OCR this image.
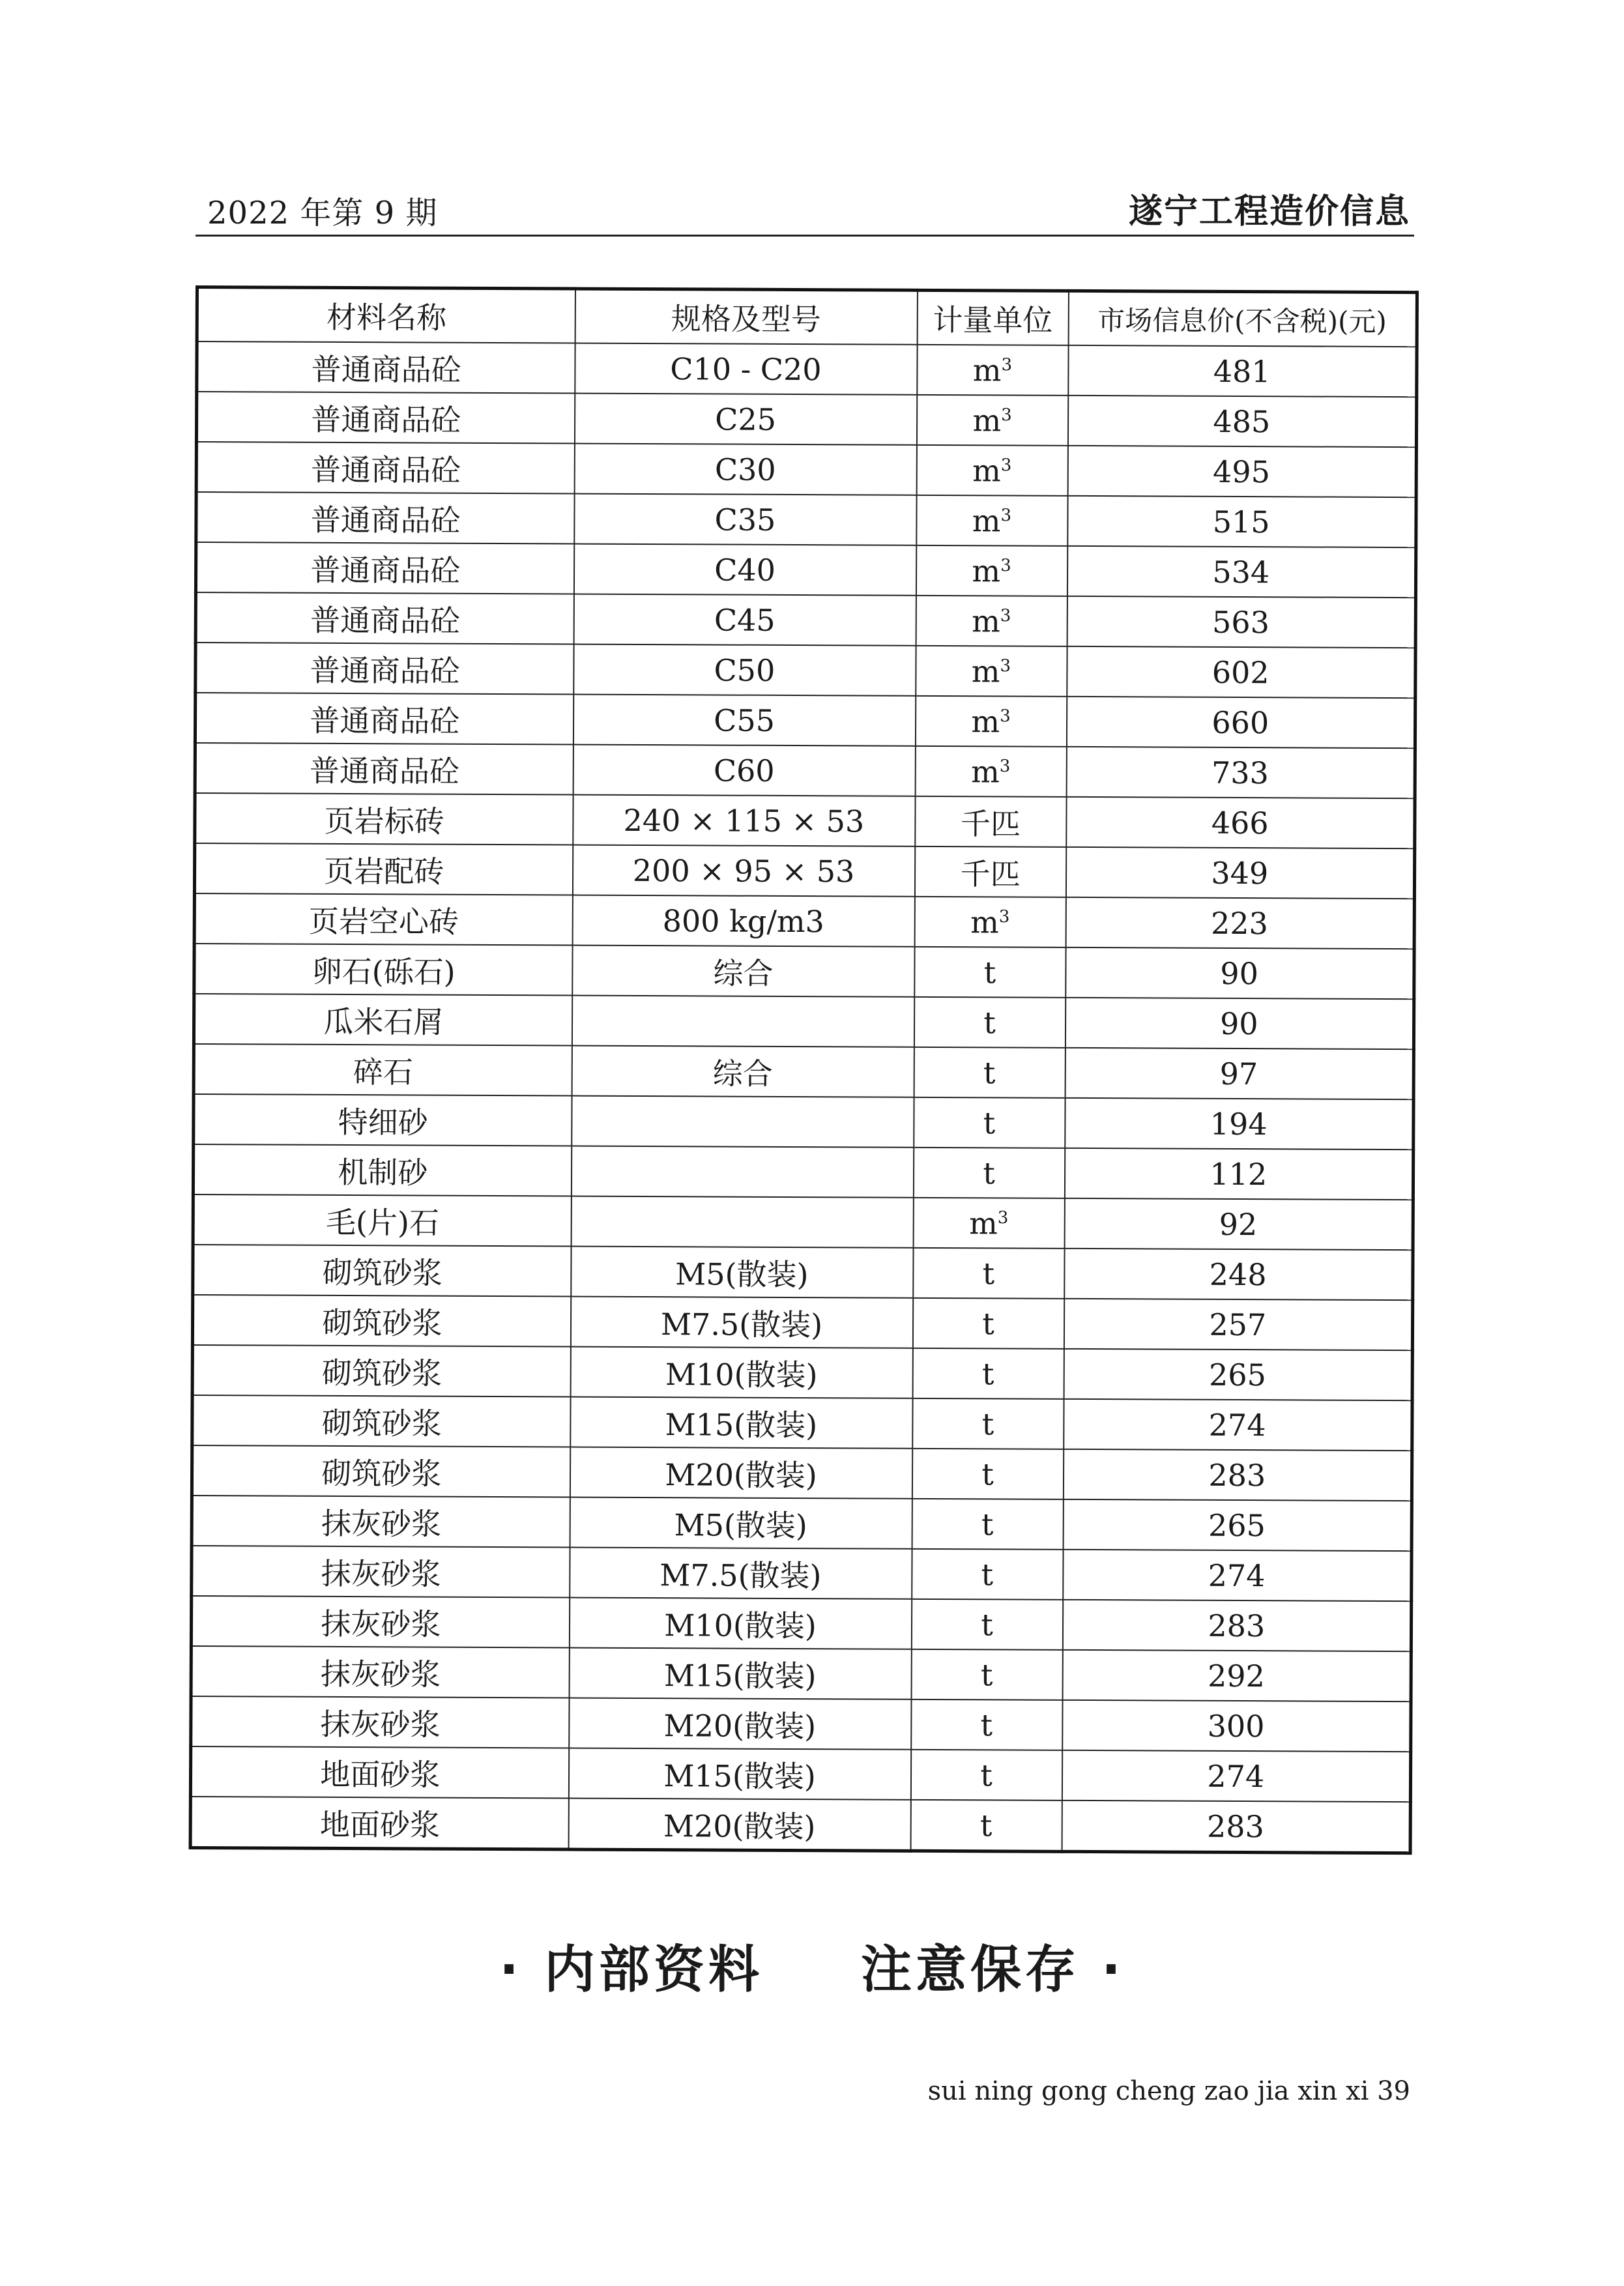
2022 年第 9 期	遂宁工程造价信息
材料名称	规格及型号	计量单位	市场信息价(不含税)(元)
普通商品砼	C10 - C20	$m^3$	481
普通商品砼	C25	$m^3$	485
普通商品砼	C30	$m^3$	495
普通商品砼	C35	$m^3$	515
普通商品砼	C40	$m^3$	534
普通商品砼	C45	$m^3$	563
普通商品砼	C50	$m^3$	602
普通商品砼	C55	$m^3$	660
普通商品砼	C60	$m^3$	733
页岩标砖	240 × 115 × 53	千匹	466
页岩配砖	200 × 95 × 53	千匹	349
页岩空心砖	800 kg/m3	$m^3$	223
卵石(砾石)	综合	t	90
瓜米石屑		t	90
碎石	综合	t	97
特细砂		t	194
机制砂		t	112
毛(片)石		$m^3$	92
砌筑砂浆	M5(散装)	t	248
砌筑砂浆	M7.5(散装)	t	257
砌筑砂浆	M10(散装)	t	265
砌筑砂浆	M15(散装)	t	274
砌筑砂浆	M20(散装)	t	283
抹灰砂浆	M5(散装)	t	265
抹灰砂浆	M7.5(散装)	t	274
抹灰砂浆	M10(散装)	t	283
抹灰砂浆	M15(散装)	t	292
抹灰砂浆	M20(散装)	t	300
地面砂浆	M15(散装)	t	274
地面砂浆	M20(散装)	t	283
· 内部资料 注意保存 ·
sui ning gong cheng zao jia xin xi 39
